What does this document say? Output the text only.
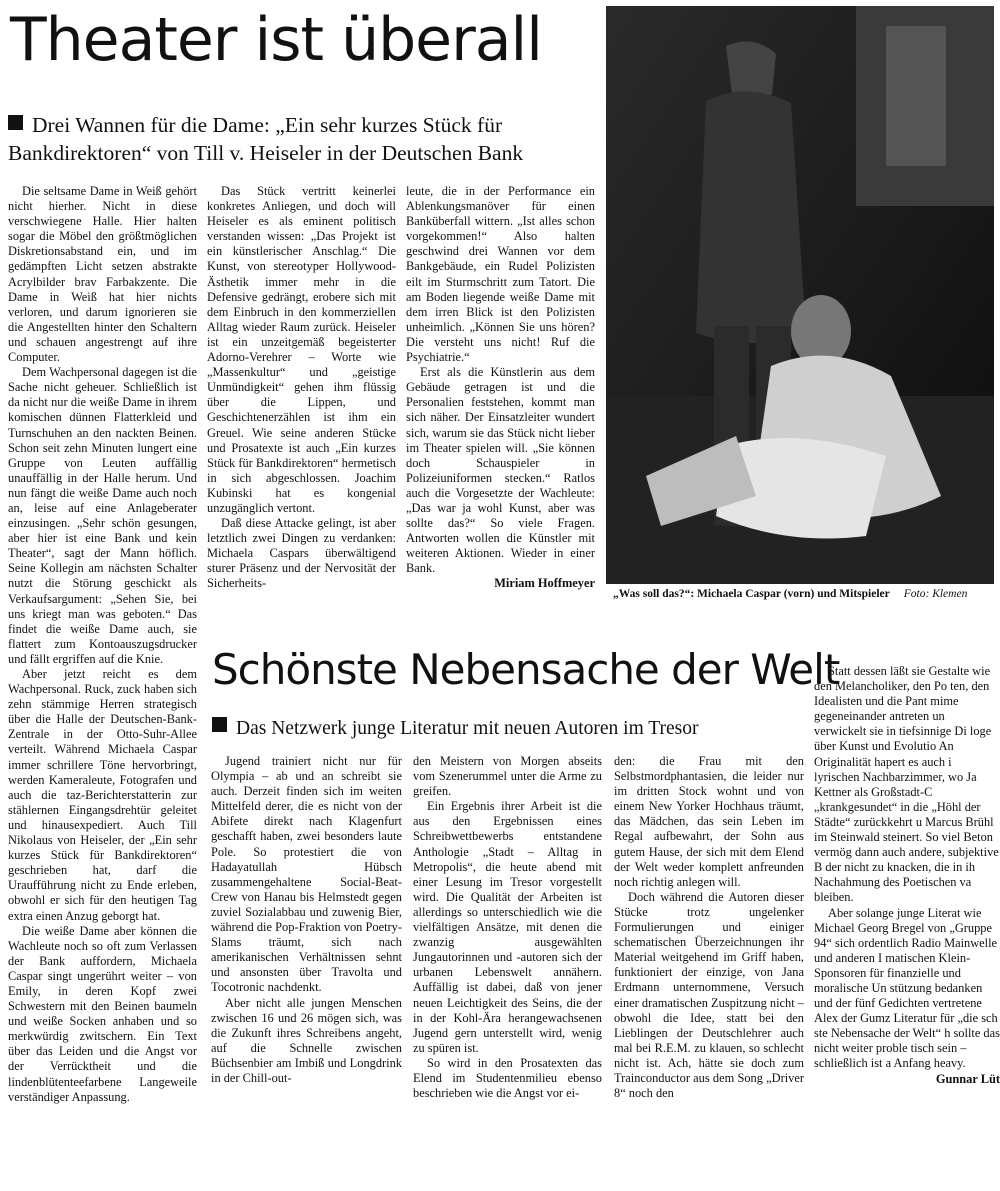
Theater ist überall
Drei Wannen für die Dame: „Ein sehr kurzes Stück für Bankdirektoren“ von Till v. Heiseler in der Deutschen Bank

Die seltsame Dame in Weiß gehört nicht hierher. Nicht in diese verschwiegene Halle. Hier halten sogar die Möbel den größtmöglichen Diskretionsabstand ein, und im gedämpften Licht setzen abstrakte Acrylbilder brav Farbakzente. Die Dame in Weiß hat hier nichts verloren, und darum ignorieren sie die Angestellten hinter den Schaltern und schauen angestrengt auf ihre Computer.

Dem Wachpersonal dagegen ist die Sache nicht geheuer. Schließlich ist da nicht nur die weiße Dame in ihrem komischen dünnen Flatterkleid und Turnschuhen an den nackten Beinen. Schon seit zehn Minuten lungert eine Gruppe von Leuten auffällig unauffällig in der Halle herum. Und nun fängt die weiße Dame auch noch an, leise auf eine Anlageberater einzusingen. „Sehr schön gesungen, aber hier ist eine Bank und kein Theater“, sagt der Mann höflich. Seine Kollegin am nächsten Schalter nutzt die Störung geschickt als Verkaufsargument: „Sehen Sie, bei uns kriegt man was geboten.“ Das findet die weiße Dame auch, sie flattert zum Kontoauszugsdrucker und fällt ergriffen auf die Knie.

Aber jetzt reicht es dem Wachpersonal. Ruck, zuck haben sich zehn stämmige Herren strategisch über die Halle der Deutschen-Bank-Zentrale in der Otto-Suhr-Allee verteilt. Während Michaela Caspar immer schrillere Töne hervorbringt, werden Kameraleute, Fotografen und auch die taz-Berichterstatterin zur stählernen Eingangsdrehtür geleitet und hinausexpediert. Auch Till Nikolaus von Heiseler, der „Ein sehr kurzes Stück für Bankdirektoren“ geschrieben hat, darf die Uraufführung nicht zu Ende erleben, obwohl er sich für den heutigen Tag extra einen Anzug geborgt hat.

Die weiße Dame aber können die Wachleute noch so oft zum Verlassen der Bank auffordern, Michaela Caspar singt ungerührt weiter – von Emily, in deren Kopf zwei Schwestern mit den Beinen baumeln und weiße Socken anhaben und so merkwürdig zwitschern. Ein Text über das Leiden und die Angst vor der Verrücktheit und die lindenblütenteefarbene Langeweile verständiger Anpassung.

Das Stück vertritt keinerlei konkretes Anliegen, und doch will Heiseler es als eminent politisch verstanden wissen: „Das Projekt ist ein künstlerischer Anschlag.“ Die Kunst, von stereotyper Hollywood-Ästhetik immer mehr in die Defensive gedrängt, erobere sich mit dem Einbruch in den kommerziellen Alltag wieder Raum zurück. Heiseler ist ein unzeitgemäß begeisterter Adorno-Verehrer – Worte wie „Massenkultur“ und „geistige Unmündigkeit“ gehen ihm flüssig über die Lippen, und Geschichtenerzählen ist ihm ein Greuel. Wie seine anderen Stücke und Prosatexte ist auch „Ein kurzes Stück für Bankdirektoren“ hermetisch in sich abgeschlossen. Joachim Kubinski hat es kongenial unzugänglich vertont.

Daß diese Attacke gelingt, ist aber letztlich zwei Dingen zu verdanken: Michaela Caspars überwältigend sturer Präsenz und der Nervosität der Sicherheits-

leute, die in der Performance ein Ablenkungsmanöver für einen Banküberfall wittern. „Ist alles schon vorgekommen!“ Also halten geschwind drei Wannen vor dem Bankgebäude, ein Rudel Polizisten eilt im Sturmschritt zum Tatort. Die am Boden liegende weiße Dame mit dem irren Blick ist den Polizisten unheimlich. „Können Sie uns hören? Die versteht uns nicht! Ruf die Psychiatrie.“

Erst als die Künstlerin aus dem Gebäude getragen ist und die Personalien feststehen, kommt man sich näher. Der Einsatzleiter wundert sich, warum sie das Stück nicht lieber im Theater spielen will. „Sie können doch Schauspieler in Polizeiuniformen stecken.“ Ratlos auch die Vorgesetzte der Wachleute: „Das war ja wohl Kunst, aber was sollte das?“ So viele Fragen. Antworten wollen die Künstler mit weiteren Aktionen. Wieder in einer Bank.

Miriam Hoffmeyer

„Was soll das?“: Michaela Caspar (vorn) und Mitspieler Foto: Klemen
Schönste Nebensache der Welt
Das Netzwerk junge Literatur mit neuen Autoren im Tresor

Jugend trainiert nicht nur für Olympia – ab und an schreibt sie auch. Derzeit finden sich im weiten Mittelfeld derer, die es nicht von der Abifete direkt nach Klagenfurt geschafft haben, zwei besonders laute Pole. So protestiert die von Hadayatullah Hübsch zusammengehaltene Social-Beat-Crew von Hanau bis Helmstedt gegen zuviel Sozialabbau und zuwenig Bier, während die Pop-Fraktion von Poetry-Slams träumt, sich nach amerikanischen Verhältnissen sehnt und ansonsten über Travolta und Tocotronic nachdenkt.

Aber nicht alle jungen Menschen zwischen 16 und 26 mögen sich, was die Zukunft ihres Schreibens angeht, auf die Schnelle zwischen Büchsenbier am Imbiß und Longdrink in der Chill-out-

den Meistern von Morgen abseits vom Szenerummel unter die Arme zu greifen.

Ein Ergebnis ihrer Arbeit ist die aus den Ergebnissen eines Schreibwettbewerbs entstandene Anthologie „Stadt – Alltag in Metropolis“, die heute abend mit einer Lesung im Tresor vorgestellt wird. Die Qualität der Arbeiten ist allerdings so unterschiedlich wie die vielfältigen Ansätze, mit denen die zwanzig ausgewählten Jungautorinnen und -autoren sich der urbanen Lebenswelt annähern. Auffällig ist dabei, daß von jener neuen Leichtigkeit des Seins, die der in der Kohl-Ära herangewachsenen Jugend gern unterstellt wird, wenig zu spüren ist.

So wird in den Prosatexten das Elend im Studentenmilieu ebenso beschrieben wie die Angst vor ei-

den: die Frau mit den Selbstmordphantasien, die leider nur im dritten Stock wohnt und von einem New Yorker Hochhaus träumt, das Mädchen, das sein Leben im Regal aufbewahrt, der Sohn aus gutem Hause, der sich mit dem Elend der Welt weder komplett anfreunden noch richtig anlegen will.

Doch während die Autoren dieser Stücke trotz ungelenker Formulierungen und einiger schematischen Überzeichnungen ihr Material weitgehend im Griff haben, funktioniert der einzige, von Jana Erdmann unternommene, Versuch einer dramatischen Zuspitzung nicht – obwohl die Idee, statt bei den Lieblingen der Deutschlehrer auch mal bei R.E.M. zu klauen, so schlecht nicht ist. Ach, hätte sie doch zum Trainconductor aus dem Song „Driver 8“ noch den

Statt dessen läßt sie Gestalte wie den Melancholiker, den Po ten, den Idealisten und die Pant mime gegeneinander antreten un verwickelt sie in tiefsinnige Di loge über Kunst und Evolutio An Originalität hapert es auch i lyrischen Nachbarzimmer, wo Ja Kettner als Großstadt-C „krankgesundet“ in die „Höhl der Städte“ zurückkehrt u Marcus Brühl im Steinwald steinert. So viel Beton vermög dann auch andere, subjektive B der nicht zu knacken, die in ih Nachahmung des Poetischen va bleiben.

Aber solange junge Literat wie Michael Georg Bregel von „Gruppe 94“ sich ordentlich Radio Mainwelle und anderen I matischen Klein-Sponsoren für finanzielle und moralische Un stützung bedanken und der fünf Gedichten vertretene Alex der Gumz Literatur für „die sch ste Nebensache der Welt“ h sollte das nicht weiter proble tisch sein – schließlich ist a Anfang heavy.

Gunnar Lüt
